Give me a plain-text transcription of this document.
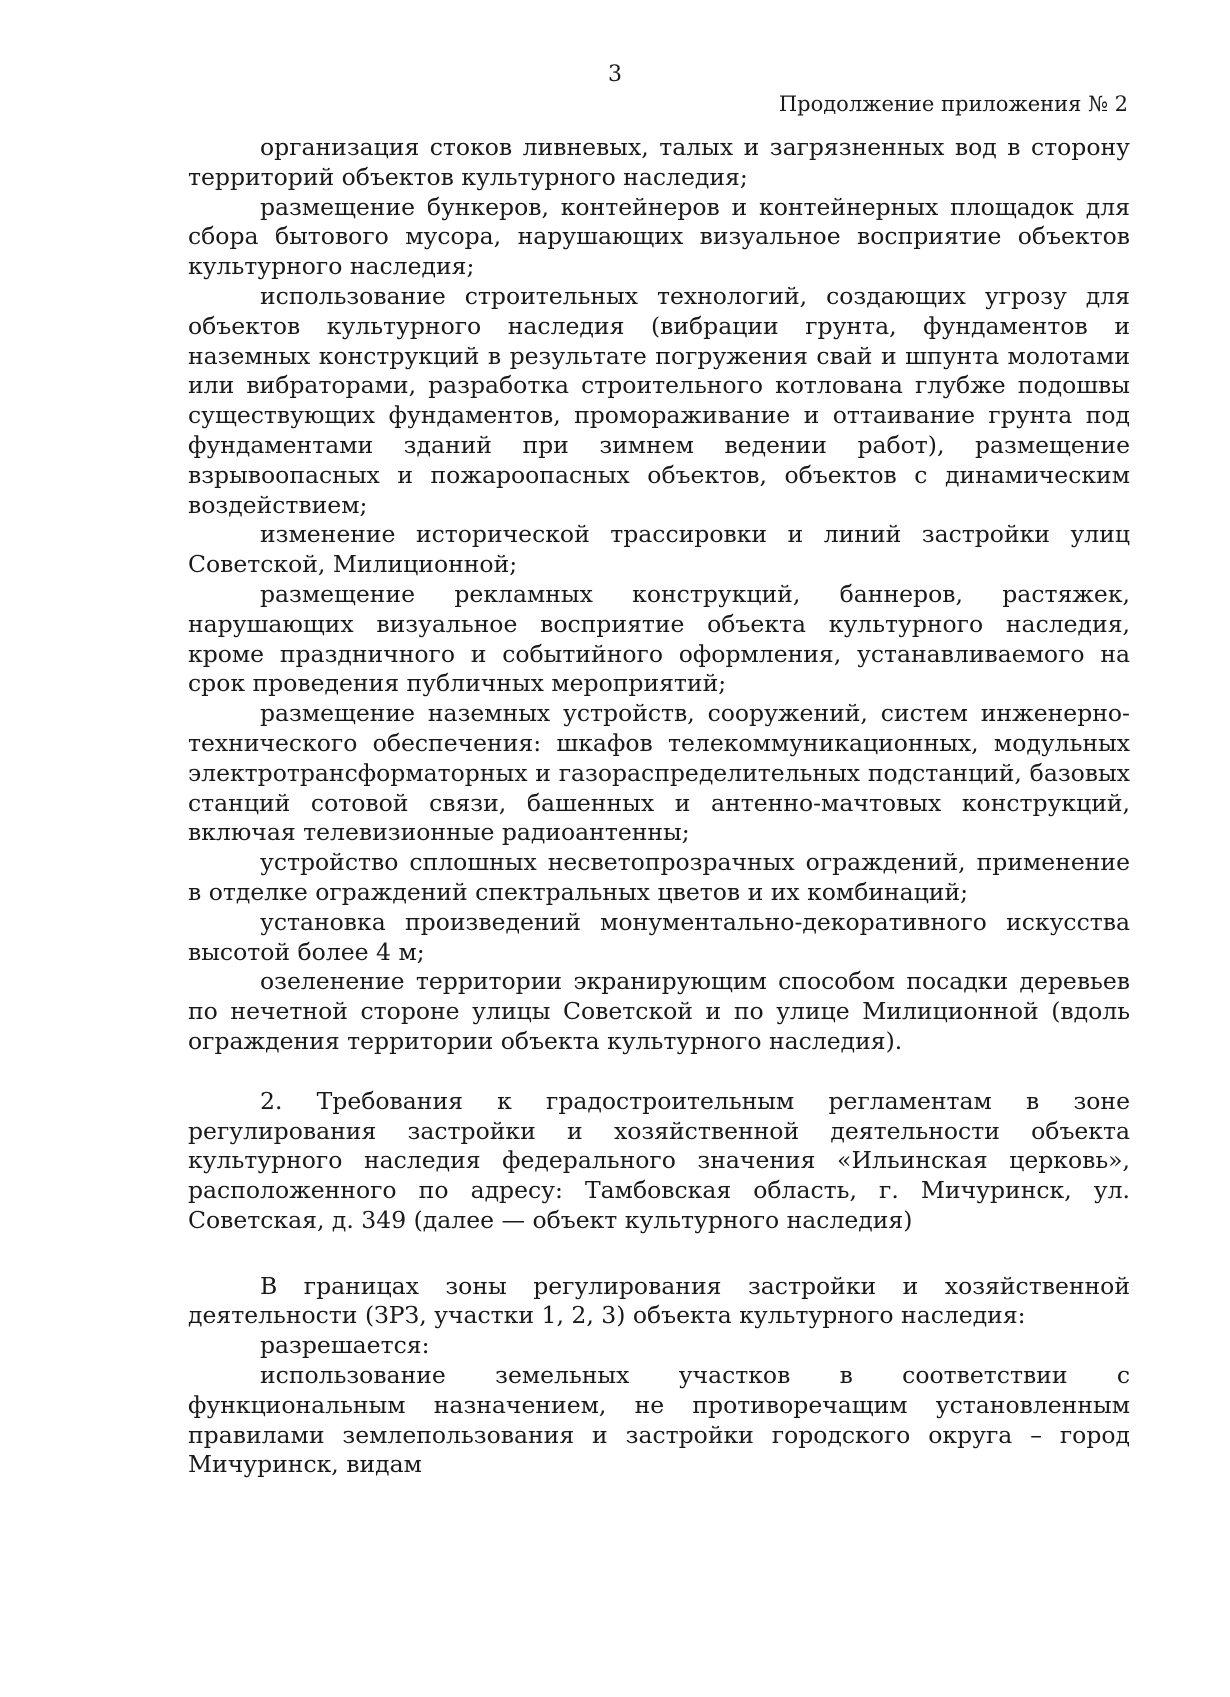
3
Продолжение приложения № 2

организация стоков ливневых, талых и загрязненных вод в сторону территорий объектов культурного наследия;

размещение бункеров, контейнеров и контейнерных площадок для сбора бытового мусора, нарушающих визуальное восприятие объектов культурного наследия;

использование строительных технологий, создающих угрозу для объектов культурного наследия (вибрации грунта, фундаментов и наземных конструкций в результате погружения свай и шпунта молотами или вибраторами, разработка строительного котлована глубже подошвы существующих фундаментов, промораживание и оттаивание грунта под фундаментами зданий при зимнем ведении работ), размещение взрывоопасных и пожароопасных объектов, объектов с динамическим воздействием;

изменение исторической трассировки и линий застройки улиц Советской, Милиционной;

размещение рекламных конструкций, баннеров, растяжек, нарушающих визуальное восприятие объекта культурного наследия, кроме праздничного и событийного оформления, устанавливаемого на срок проведения публичных мероприятий;

размещение наземных устройств, сооружений, систем инженерно-технического обеспечения: шкафов телекоммуникационных, модульных электротрансформаторных и газораспределительных подстанций, базовых станций сотовой связи, башенных и антенно-мачтовых конструкций, включая телевизионные радиоантенны;

устройство сплошных несветопрозрачных ограждений, применение в отделке ограждений спектральных цветов и их комбинаций;

установка произведений монументально-декоративного искусства высотой более 4 м;

озеленение территории экранирующим способом посадки деревьев по нечетной стороне улицы Советской и по улице Милиционной (вдоль ограждения территории объекта культурного наследия).

2. Требования к градостроительным регламентам в зоне регулирования застройки и хозяйственной деятельности объекта культурного наследия федерального значения «Ильинская церковь», расположенного по адресу: Тамбовская область, г. Мичуринск, ул. Советская, д. 349 (далее — объект культурного наследия)

В границах зоны регулирования застройки и хозяйственной деятельности (ЗРЗ, участки 1, 2, 3) объекта культурного наследия:

разрешается:

использование земельных участков в соответствии с функциональным назначением, не противоречащим установленным правилами землепользования и застройки городского округа – город Мичуринск, видам
